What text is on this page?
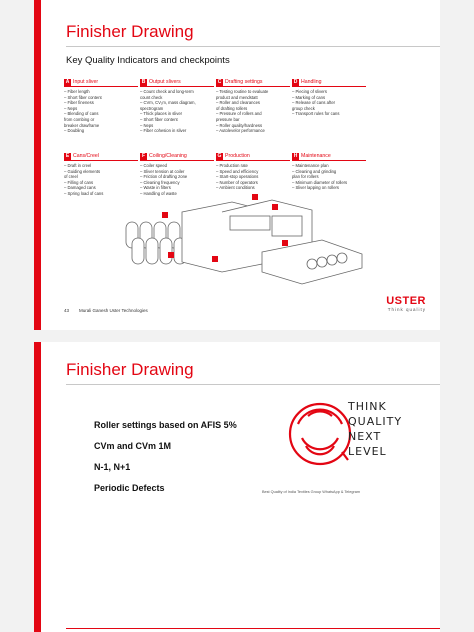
Finisher Drawing
Key Quality Indicators and checkpoints
A Input sliver
– Fiber length
– Short fiber content
– Fiber fineness
– Neps
– Blending of cans
from combing or
breaker drawframe
– Doubling
B Output slivers
– Count check and long-term
count check
– CVm, CV₁m, mass diagram,
spectrogram
– Thick places in sliver
– Short fiber content
– Neps
– Fiber cohesion in sliver
C Drafting settings
– Testing routine to evaluate
product and mendstatt
– Roller and clearances
of drafting rollers
– Pressure of rollers and
pressure bar
– Roller quality/hardness
– Autolevelor performance
D Handling
– Piecing of slivers
– Marking of cans
– Release of cans after
group check
– Transport rules for cans
E Cans/Creel
– Draft in creel
– Guiding elements
of creel
– Filling of cans
– Damaged cans
– Spring load of cans
F Coiling/Cleaning
– Coiler speed
– Sliver tension at coiler
– Friction of drafting zone
– Cleaning frequency
– Waste in filters
– Handling of waste
G Production
– Production rate
– Speed and efficiency
– Start-stop operations
– Number of operators
– Ambient conditions
H Maintenance
– Maintenance plan
– Cleaning and grinding
plan for rollers
– Minimum diameter of rollers
– Sliver lapping on rollers
USTER
Think quality
43 Murali Ganesh Uster Technologies
Finisher Drawing
Roller settings based on AFIS 5%
CVm and CVm 1M
N-1, N+1
Periodic Defects
THINK
QUALITY
NEXT
LEVEL
Best Quality of India Textiles Group WhatsApp & Telegram
